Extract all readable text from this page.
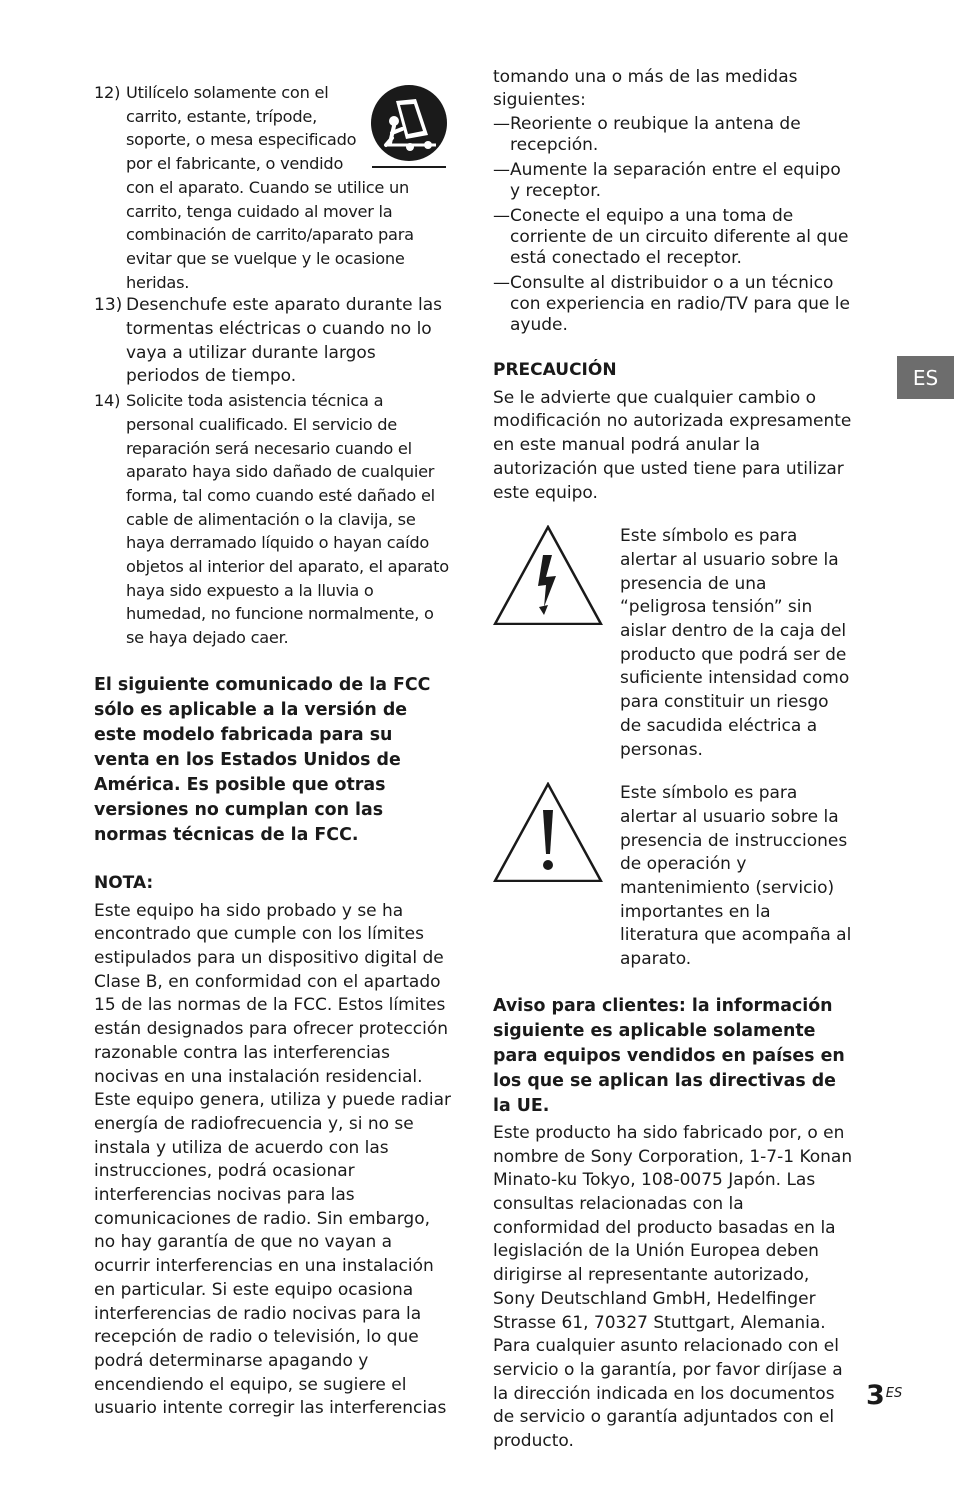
ES
12) Utilícelo solamente con el carrito, estante, trípode, soporte, o mesa especificado por el fabricante, o vendido con el aparato. Cuando se utilice un carrito, tenga cuidado al mover la combinación de carrito/aparato para evitar que se vuelque y le ocasione heridas.
13) Desenchufe este aparato durante las tormentas eléctricas o cuando no lo vaya a utilizar durante largos periodos de tiempo.
14) Solicite toda asistencia técnica a personal cualificado. El servicio de reparación será necesario cuando el aparato haya sido dañado de cualquier forma, tal como cuando esté dañado el cable de alimentación o la clavija, se haya derramado líquido o hayan caído objetos al interior del aparato, el aparato haya sido expuesto a la lluvia o humedad, no funcione normalmente, o se haya dejado caer.

El siguiente comunicado de la FCC sólo es aplicable a la versión de este modelo fabricada para su venta en los Estados Unidos de América. Es posible que otras versiones no cumplan con las normas técnicas de la FCC.

NOTA:

Este equipo ha sido probado y se ha encontrado que cumple con los límites estipulados para un dispositivo digital de Clase B, en conformidad con el apartado 15 de las normas de la FCC. Estos límites están designados para ofrecer protección razonable contra las interferencias nocivas en una instalación residencial. Este equipo genera, utiliza y puede radiar energía de radiofrecuencia y, si no se instala y utiliza de acuerdo con las instrucciones, podrá ocasionar interferencias nocivas para las comunicaciones de radio. Sin embargo, no hay garantía de que no vayan a ocurrir interferencias en una instalación en particular. Si este equipo ocasiona interferencias de radio nocivas para la recepción de radio o televisión, lo que podrá determinarse apagando y encendiendo el equipo, se sugiere el usuario intente corregir las interferencias

tomando una o más de las medidas siguientes:

— Reoriente o reubique la antena de recepción.
— Aumente la separación entre el equipo y receptor.
— Conecte el equipo a una toma de corriente de un circuito diferente al que está conectado el receptor.
— Consulte al distribuidor o a un técnico con experiencia en radio/TV para que le ayude.

PRECAUCIÓN

Se le advierte que cualquier cambio o modificación no autorizada expresamente en este manual podrá anular la autorización que usted tiene para utilizar este equipo.

Este símbolo es para alertar al usuario sobre la presencia de una “peligrosa tensión” sin aislar dentro de la caja del producto que podrá ser de suficiente intensidad como para constituir un riesgo de sacudida eléctrica a personas.

Este símbolo es para alertar al usuario sobre la presencia de instrucciones de operación y mantenimiento (servicio) importantes en la literatura que acompaña al aparato.

Aviso para clientes: la información siguiente es aplicable solamente para equipos vendidos en países en los que se aplican las directivas de la UE.

Este producto ha sido fabricado por, o en nombre de Sony Corporation, 1-7-1 Konan Minato-ku Tokyo, 108-0075 Japón. Las consultas relacionadas con la conformidad del producto basadas en la legislación de la Unión Europea deben dirigirse al representante autorizado, Sony Deutschland GmbH, Hedelfinger Strasse 61, 70327 Stuttgart, Alemania. Para cualquier asunto relacionado con el servicio o la garantía, por favor diríjase a la dirección indicada en los documentos de servicio o garantía adjuntados con el producto.

$3^{ES}$
